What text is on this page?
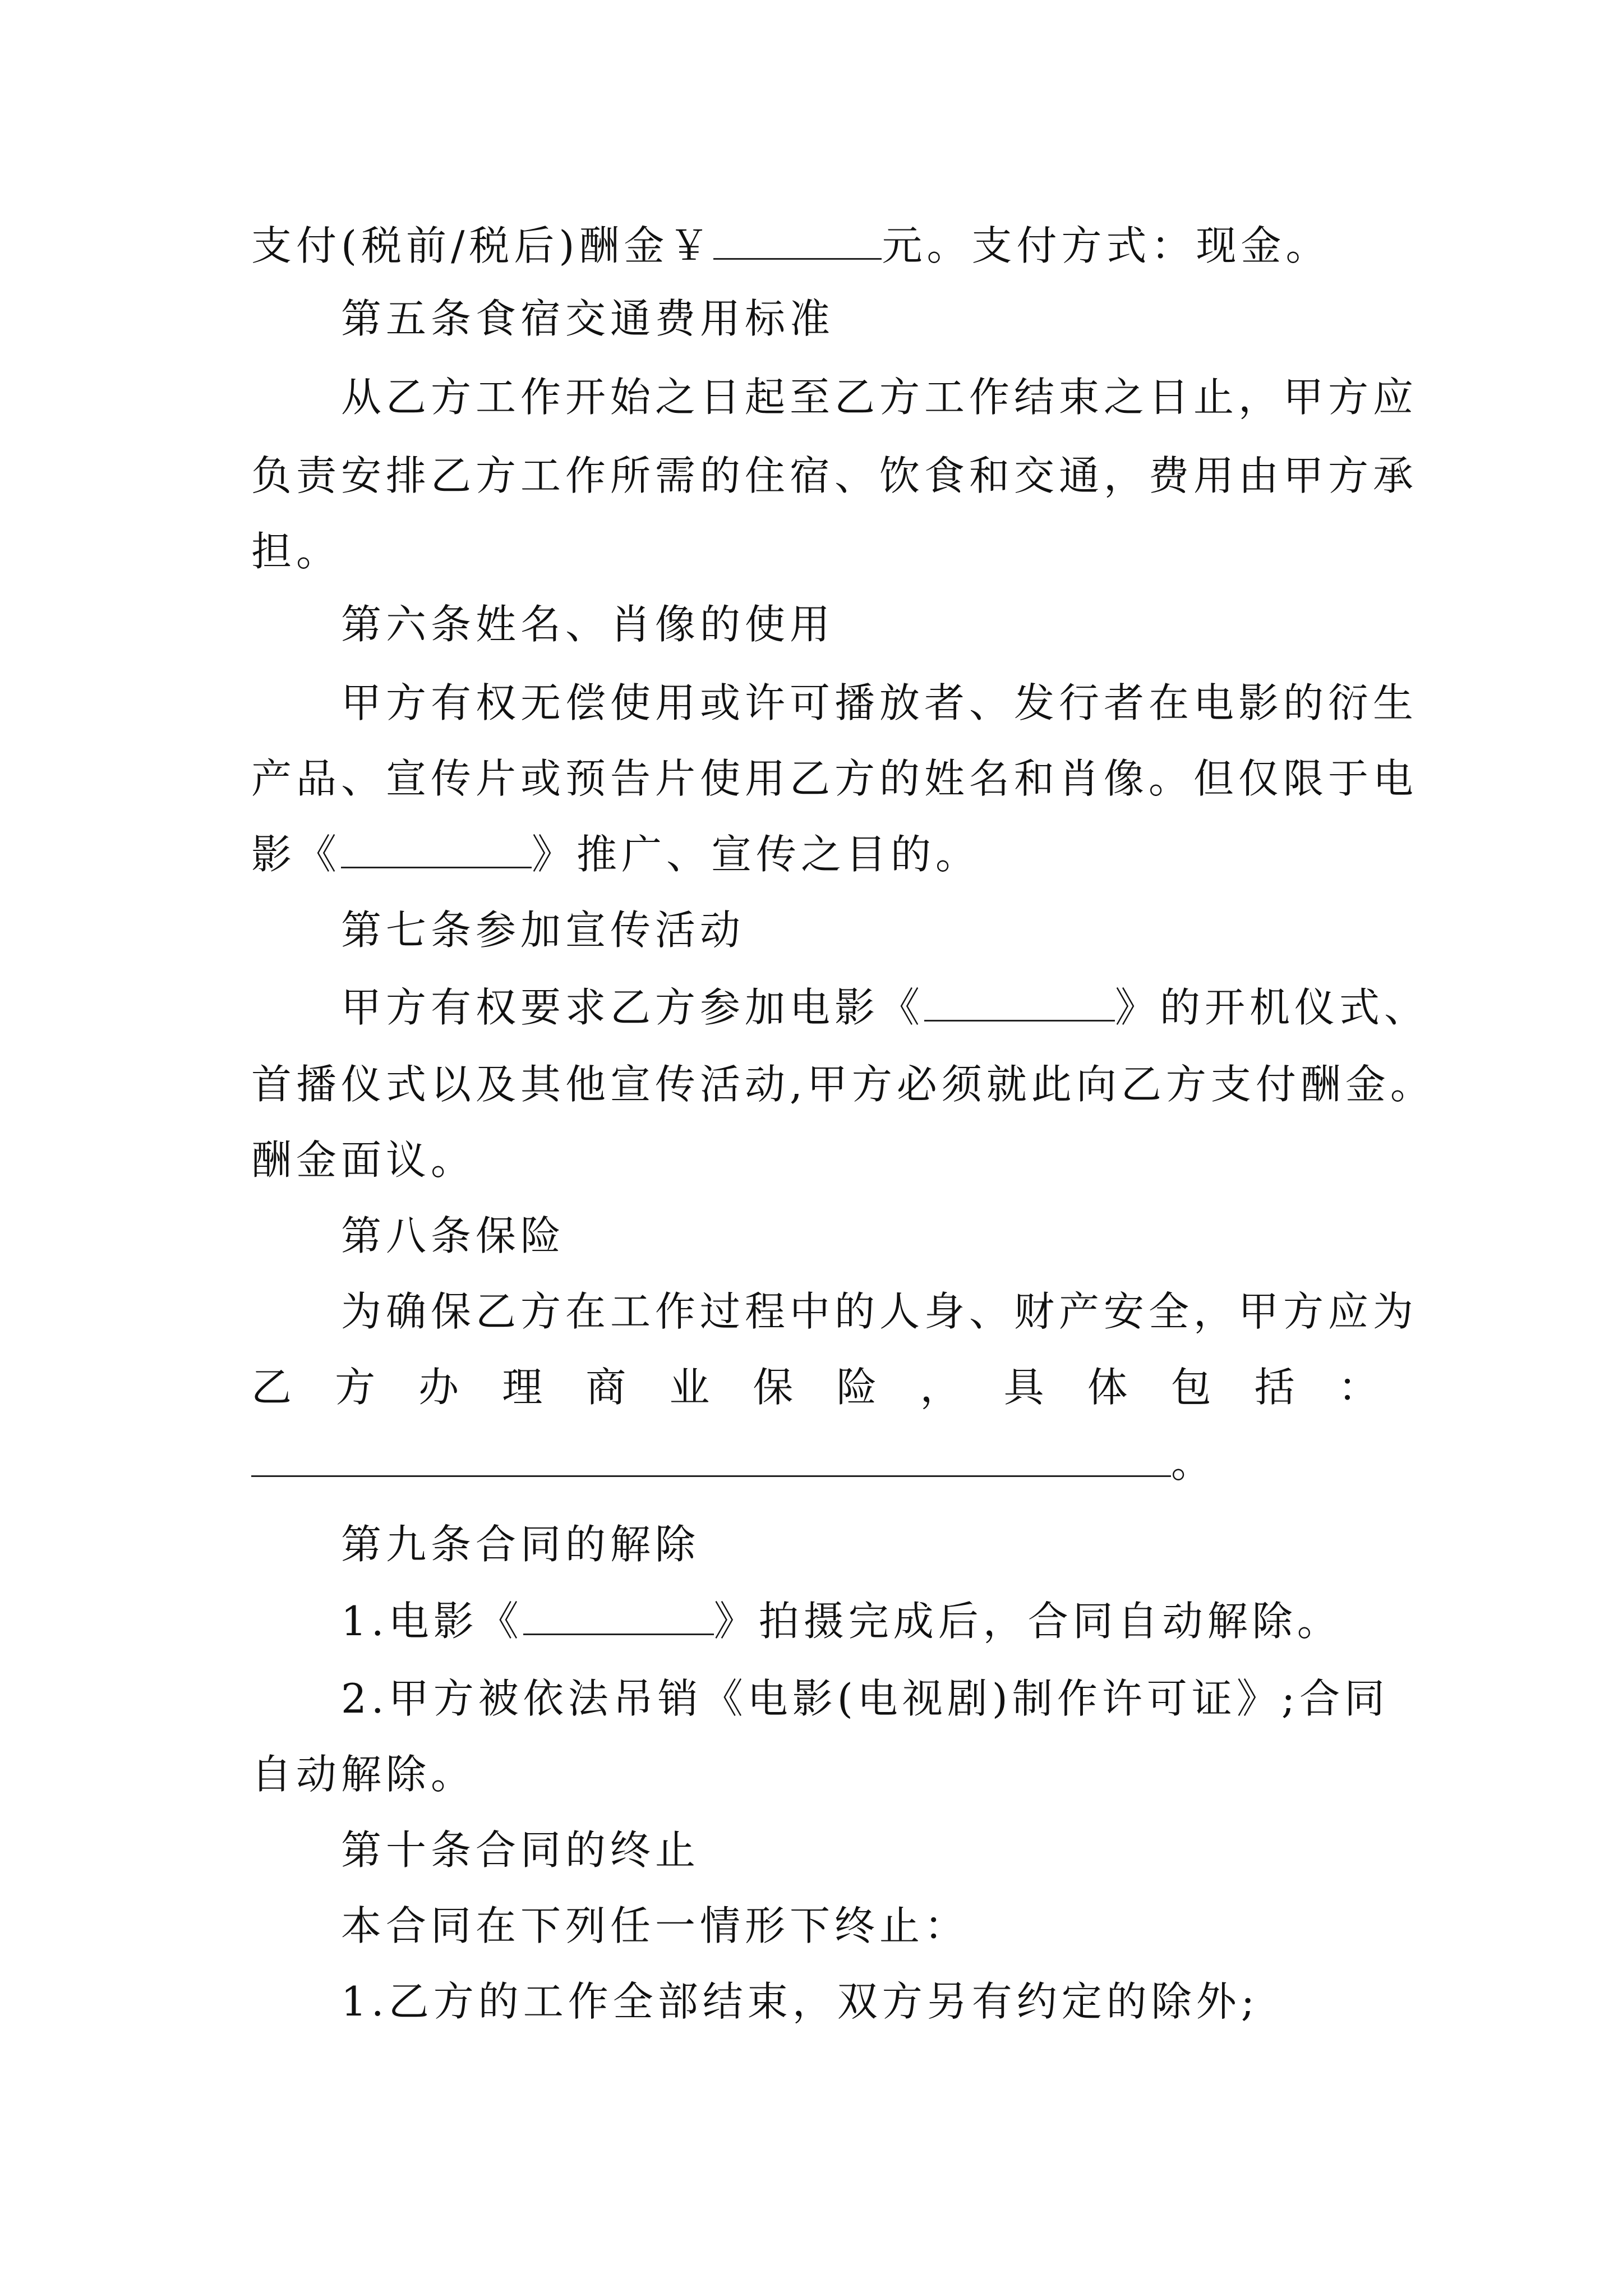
支付(税前/税后)酬金￥	元。支付方式：现金。
第五条食宿交通费用标准
从乙方工作开始之日起至乙方工作结束之日止，甲方应
负责安排乙方工作所需的住宿、饮食和交通，费用由甲方承
担。
第六条姓名、肖像的使用
甲方有权无偿使用或许可播放者、发行者在电影的衍生
产品、宣传片或预告片使用乙方的姓名和肖像。但仅限于电
影《	》推广、宣传之目的。
第七条参加宣传活动
甲方有权要求乙方参加电影《	》的开机仪式、
首播仪式以及其他宣传活动,甲方必须就此向乙方支付酬金。
酬金面议。
第八条保险
为确保乙方在工作过程中的人身、财产安全，甲方应为
乙 方 办 理 商 业 保 险 ， 具 体 包 括 ：
。
第九条合同的解除
1.电影《	》拍摄完成后，合同自动解除。
2.甲方被依法吊销《电影(电视剧)制作许可证》;合同
自动解除。
第十条合同的终止
本合同在下列任一情形下终止：
1.乙方的工作全部结束，双方另有约定的除外;
